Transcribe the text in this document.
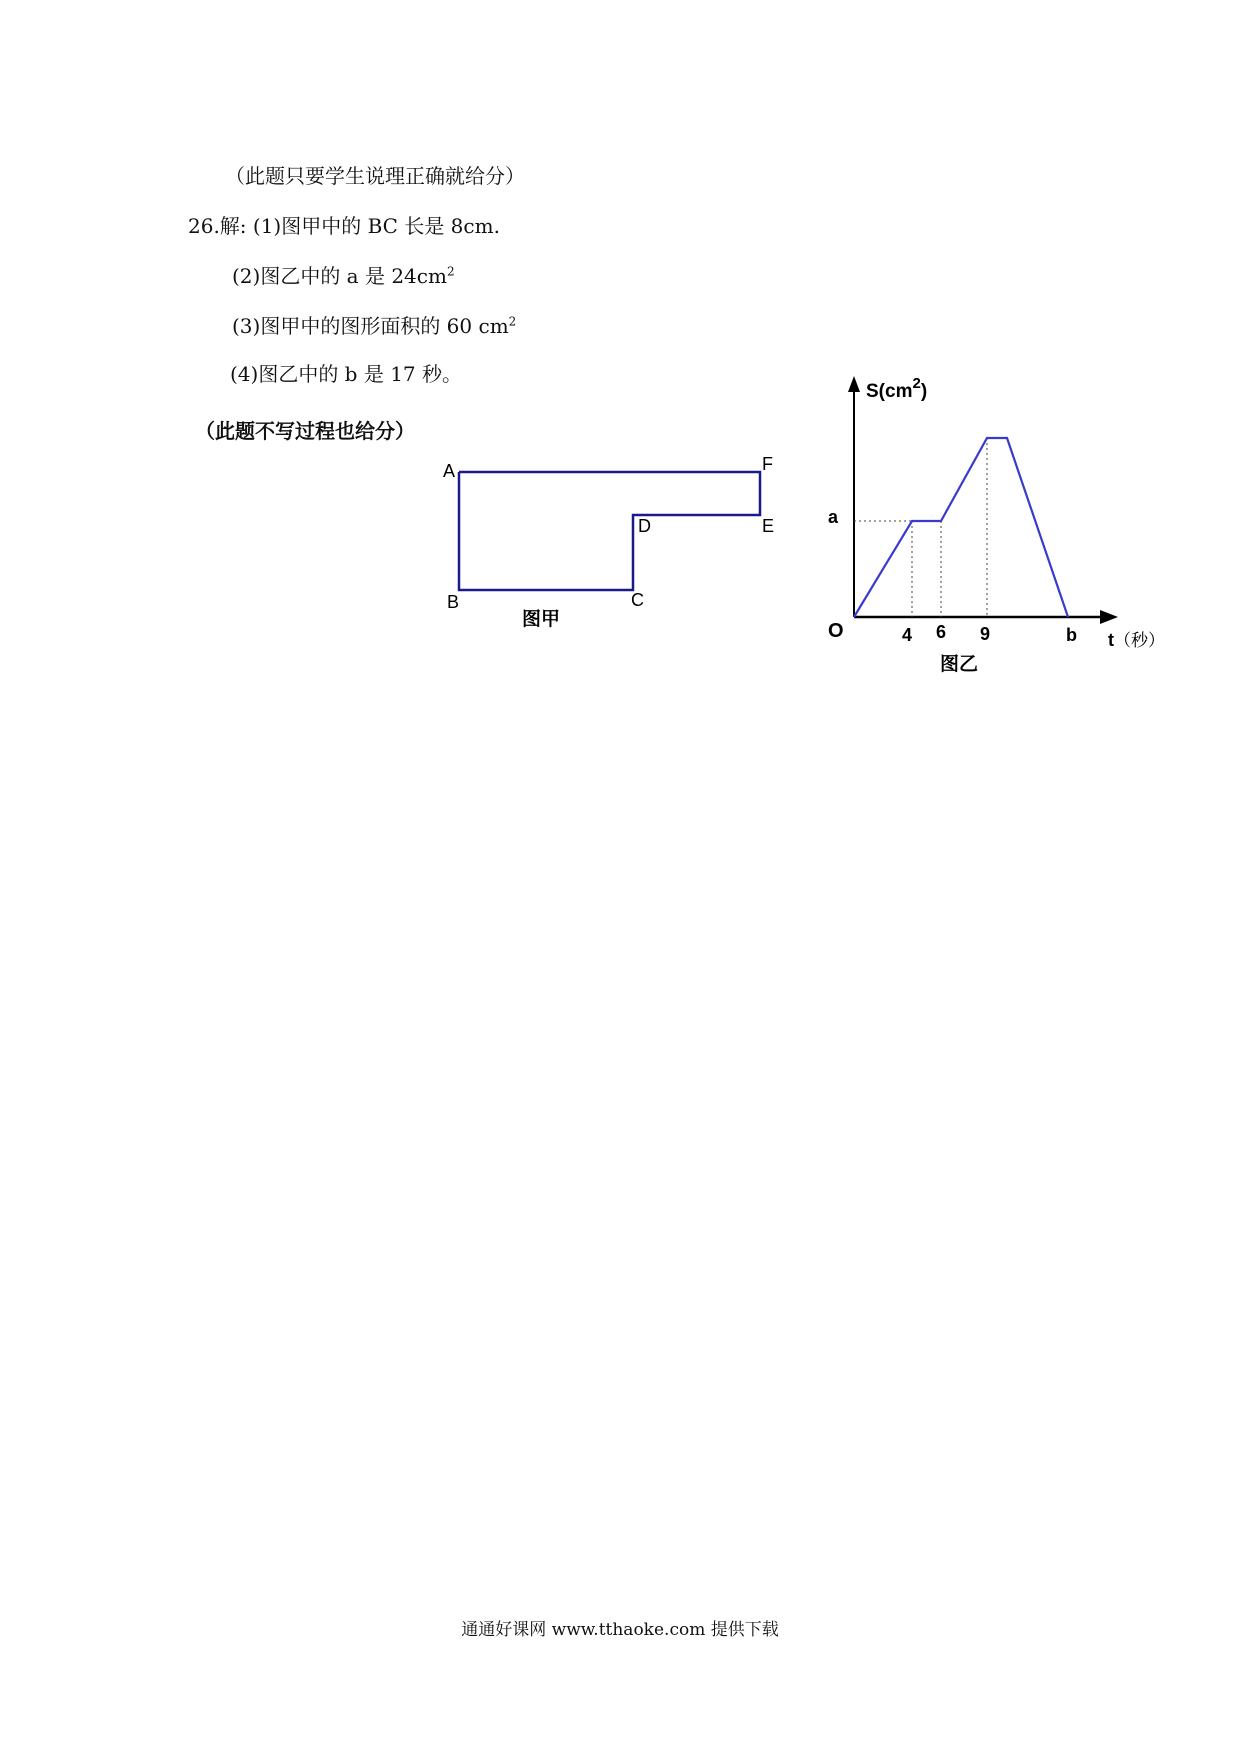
（此题只要学生说理正确就给分）
26.解: (1)图甲中的 BC 长是 8cm.
(2)图乙中的 a 是 $24cm^2$
(3)图甲中的图形面积的 60 $cm^2$
(4)图乙中的 b 是 17 秒。
（此题不写过程也给分）
A
B	C
D	E
F
图甲
$S(cm^2)$
a
O	4 6 9	b t（秒）
图乙
通通好课网 www.tthaoke.com 提供下载
